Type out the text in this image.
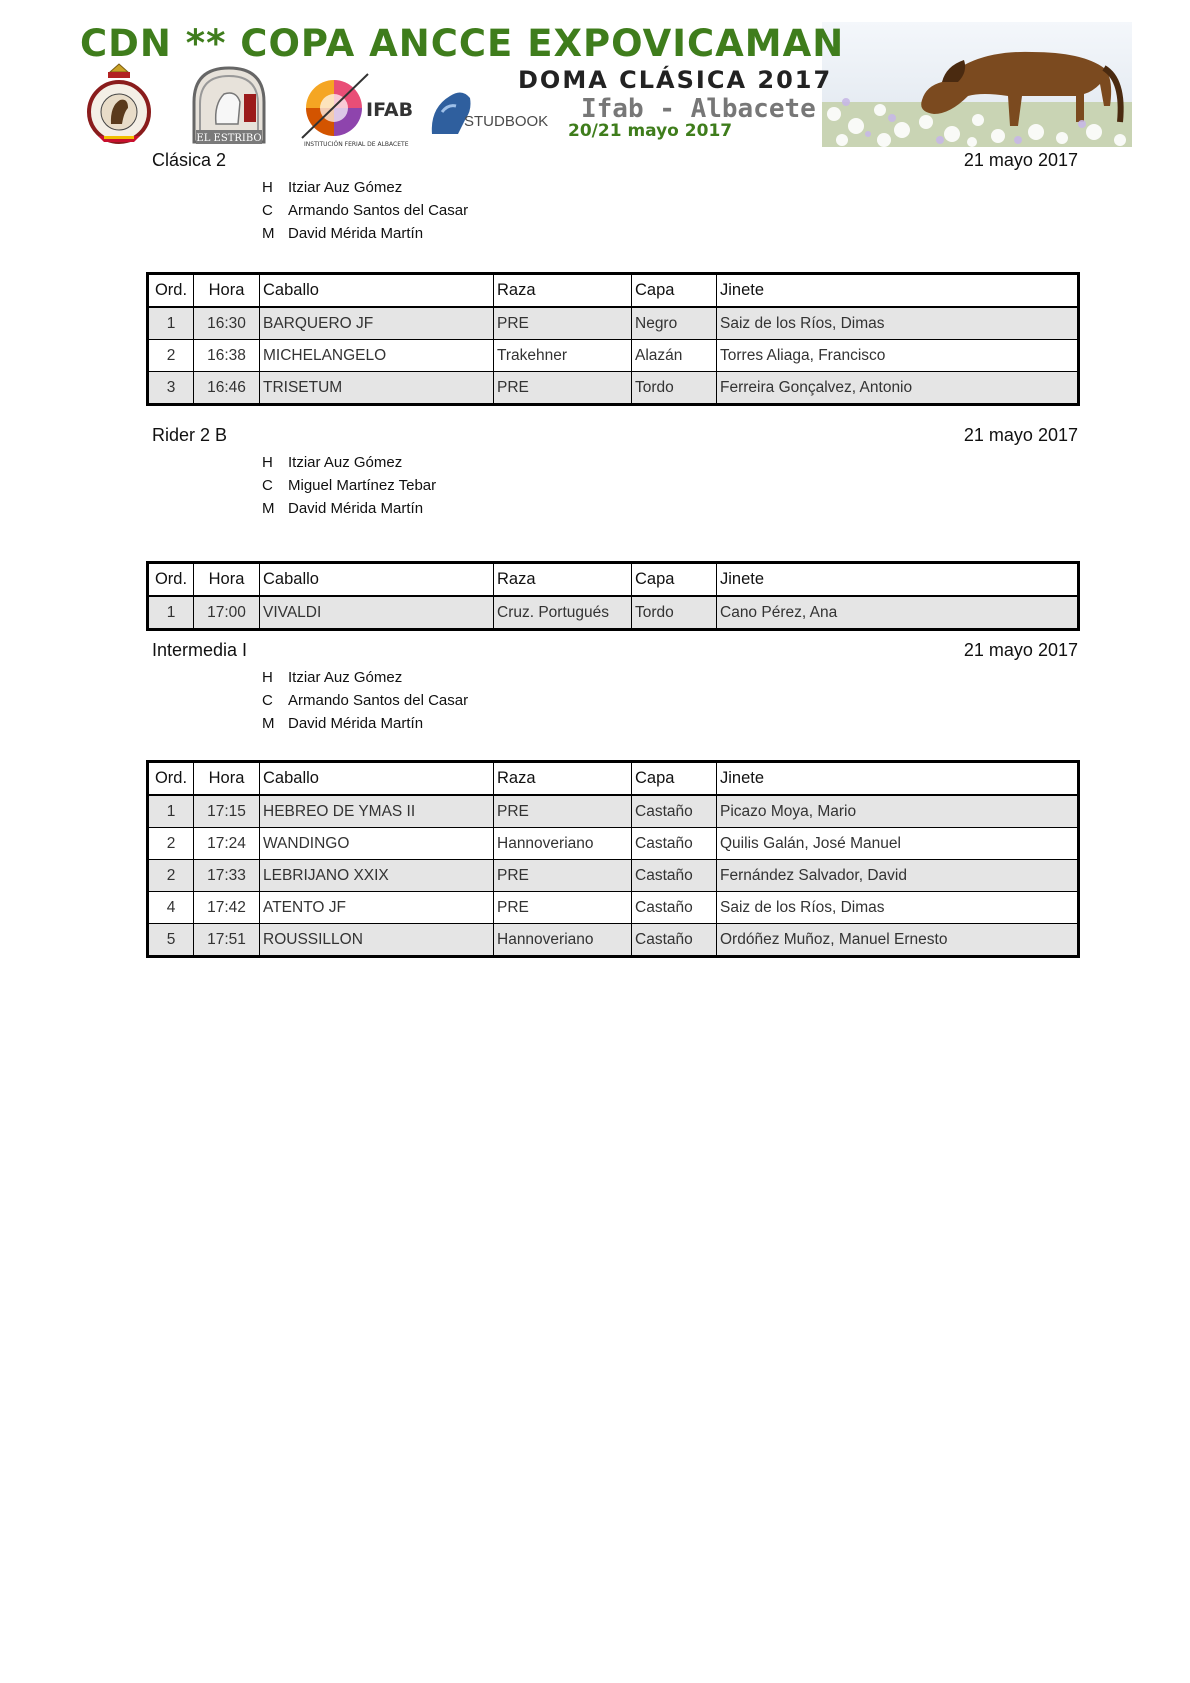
CDN ** COPA ANCCE EXPOVICAMAN
DOMA CLÁSICA 2017
Ifab - Albacete
20/21 mayo 2017
EL ESTRIBO
IFAB
INSTITUCIÓN FERIAL DE ALBACETE
STUDBOOK
Clásica 2	21 mayo 2017
H Itziar Auz Gómez
C Armando Santos del Casar
M David Mérida Martín
Ord.	Hora	Caballo	Raza	Capa	Jinete
1	16:30	BARQUERO JF	PRE	Negro	Saiz de los Ríos, Dimas
2	16:38	MICHELANGELO	Trakehner	Alazán	Torres Aliaga, Francisco
3	16:46	TRISETUM	PRE	Tordo	Ferreira Gonçalvez, Antonio
Rider 2 B	21 mayo 2017
H Itziar Auz Gómez
C Miguel Martínez Tebar
M David Mérida Martín
Ord.	Hora	Caballo	Raza	Capa	Jinete
1	17:00	VIVALDI	Cruz. Portugués	Tordo	Cano Pérez, Ana
Intermedia I	21 mayo 2017
H Itziar Auz Gómez
C Armando Santos del Casar
M David Mérida Martín
Ord.	Hora	Caballo	Raza	Capa	Jinete
1	17:15	HEBREO DE YMAS II	PRE	Castaño	Picazo Moya, Mario
2	17:24	WANDINGO	Hannoveriano	Castaño	Quilis Galán, José Manuel
2	17:33	LEBRIJANO XXIX	PRE	Castaño	Fernández Salvador, David
4	17:42	ATENTO JF	PRE	Castaño	Saiz de los Ríos, Dimas
5	17:51	ROUSSILLON	Hannoveriano	Castaño	Ordóñez Muñoz, Manuel Ernesto
